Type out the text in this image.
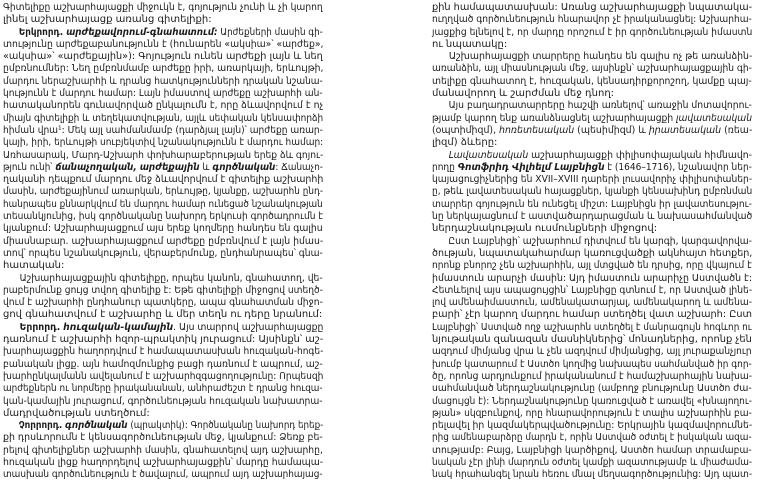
Գիտելիքը աշխարհայացքի միջուկն է, գոյություն չունի և չի կարող
լինել աշխարհայացք առանց գիտելիքի:
Երկրորդ. արժեքավորում-գնահատում: Արժեքների մասին գի-
տությունը արժեքաբանությունն է (հունարեն «ակսիա»՝ «արժեք»,
«ակսիա»՝ «արժեքային»): Գոյություն ունեն արժեքի լայն և նեղ
ըմբռնումներ: Նեղ ըմբռնմամբ արժեքը իրի, առարկայի, երևույթի,
մարդու ներաշխարհի և դրանց հատկությունների դրական նշանա-
կությունն է մարդու համար: Լայն իմաստով արժեքը աշխարհի ան-
հատականորեն գունավորված ընկալումն է, որը ձևավորվում է ոչ
միայն գիտելիքի և տեղեկատվության, այլև սեփական կենսափորձի
հիման վրա¹: Մեկ այլ սահմանմամբ (դարձյալ լայն)՝ արժեքը առար-
կայի, իրի, երևույթի սուբյեկտիվ նշանակությունն է մարդու համար:
Առհասարակ, Մարդ-Աշխարհ փոխհարաբերության երեք ձև գոյու-
թյուն ունի՝ ճանաչողական, արժեքային և գործնական: Ճանաչո-
ղականի դեպքում մարդու մեջ ձևավորվում է գիտելիք աշխարհի
մասին, արժեքայինում առարկան, երևույթը, կյանքը, աշխարհն ընդ-
հանրապես քննարկվում են մարդու համար ունեցած նշանակության
տեսանկյունից, իսկ գործնականը նախորդ երկուսի գործադրումն է
կյանքում: Աշխարհայացքում այս երեք կողմերը հանդես են գալիս
միասնաբար. աշխարհայացքում արժեքը ըմբռնվում է լայն իմաս-
տով՝ որպես նշանակություն, վերաբերմունք, ընդհանրապես՝ գնա-
հատական:
Աշխարհայացքային գիտելիքը, որպես կանոն, գնահատող, վե-
րաբերմունք ցույց տվող գիտելիք է: Եթե գիտելիքի միջոցով ստեղծ-
վում է աշխարհի ընդհանուր պատկերը, ապա գնահատման միջո-
ցով գնահատվում է աշխարհը և մեր տեղն ու դերը նրանում:
Երրորդ. հուզական-կամային. Այս տարրով աշխարհայացքը
դառնում է աշխարհի հզոր-պրակտիկ յուրացում: Այսինքն՝ աշ-
խարհայացքին հաղորդվում է համապատասխան հուզական-հոգե-
բանական լիցք. այն համոզմունքից բացի դառնում է ապրում, աշ-
խարհընկալմանն ավելանում է աշխարհզգացողությունը: Որպեսզի
արժեքներն ու նորմերը իրականանան, անհրաժեշտ է դրանց հուզա-
կան-կամային յուրացում, գործունեության հուզական նախատրա-
մադրվածության ստեղծում:
Չորրորդ. գործնական (պրակտիկ): Գործնականը նախորդ երեք-
քի դրսևորումն է կենսագործունեության մեջ, կյանքում: Ձեռք բե-
րելով գիտելիքներ աշխարհի մասին, գնահատելով այդ աշխարհը,
հուզական լիցք հաղորդելով աշխարհայացքին՝ մարդը համապա-
տասխան գործունեություն է ծավալում, ապրում այդ աշխարհայաց-
քին համապատասխան: Առանց աշխարհայացքի նպատակա-
ուղղված գործունեություն հնարավոր չէ իրականացնել: Աշխարհա-
յացքից ելնելով է, որ մարդը որոշում է իր գործունեության իմաստն
ու նպատակը:
Աշխարհայացքի տարրերը հանդես են գալիս ոչ թե առանձին-
առանձին, այլ միասնության մեջ, այսինքն՝ աշխարհայացքային գի-
տելիքը գնահատող է, հուզական, կենսադիրքորոշող, կամքը պայ-
մանավորող և շարժման մեջ դնող:
Այս բաղադրատարրերը հաշվի առնելով՝ առաջին մոտավորու-
թյամբ կարող ենք առանձնացնել աշխարհայացքի լավատեսական
(օպտիմիզմ), հոռետեսական (պեսիմիզմ) և իրատեսական (ռեա-
լիզմ) ձևերը:
Լավատեսական աշխարհայացքի փիլիսոփայական հիմնավո-
րողը Գոտֆրիդ Վիլհելմ Լայբնիցն է (1646–1716), նշանավոր ներ-
կայացուցիչներից են XVII–XVIII դարերի լուսավորիչ փիլիսոփաներ-
ը, թեև լավատեսական հայացքներ, կյանքի կենսախինդ ըմբռնման
տարրեր գոյություն են ունեցել միշտ: Լայբնիցն իր լավատեսությու-
նը ներկայացնում է աստվածարդարացման և նախասահմանված
ներդաշնակության ուսմունքների միջոցով:
Ըստ Լայբնիցի՝ աշխարհում դիտվում են կարգի, կարգավորվա-
ծության, նպատակահարմար կառուցվածքի ակնհայտ հետքեր,
որոնք բնորոշ չեն աշխարհին, այլ մտցված են դրսից, որը վկայում է
իմաստուն արարչի մասին: Այդ իմաստուն արարիչը Աստվածն է:
Հետևելով այս ապացույցին՝ Լայբնիցը գտնում է, որ Աստված լինե-
լով ամենաիմաստուն, ամենակատարյալ, ամենակարող և ամենա-
բարի՝ չէր կարող մարդու համար ստեղծել վատ աշխարհ: Ըստ
Լայբնիցի՝ Աստված ողջ աշխարհն ստեղծել է մանրագույն հոգևոր ու
նյութական զանազան մասնիկներից՝ մոնադներից, որոնք չեն
ազդում միմյանց վրա և չեն ազդվում միմյանցից, այլ յուրաքանչյուր
խումբ կատարում է Աստծո կողմից նախապես սահմանված իր գոր-
ծը, որոնց արդյունքում իրականանում է համաշխարհային նախա-
սահմանված ներդաշնակությունը (ամբողջ բնությունը Աստծո ժա-
մացույցն է): Ներդաշնակությունը կառուցված է առավել «խնայողու-
թյան» սկզբունքով, որը հնարավորություն է տալիս աշխարհին բա-
րելավել իր կազմակերպվածությունը: Երկրային կազմավորումնե-
րից ամենաբարձրը մարդն է, որին Աստված օժտել է իսկական ազա-
տությամբ: Բայց, Լայբնիցի կարծիքով, Աստծո համար տրամաբա-
նական չէր լինի մարդուն օժտել կամքի ազատությամբ և միաժամա-
նակ հրահանգել նրան հեռու մնալ մեղսագործությունից: Այդ պատ-
